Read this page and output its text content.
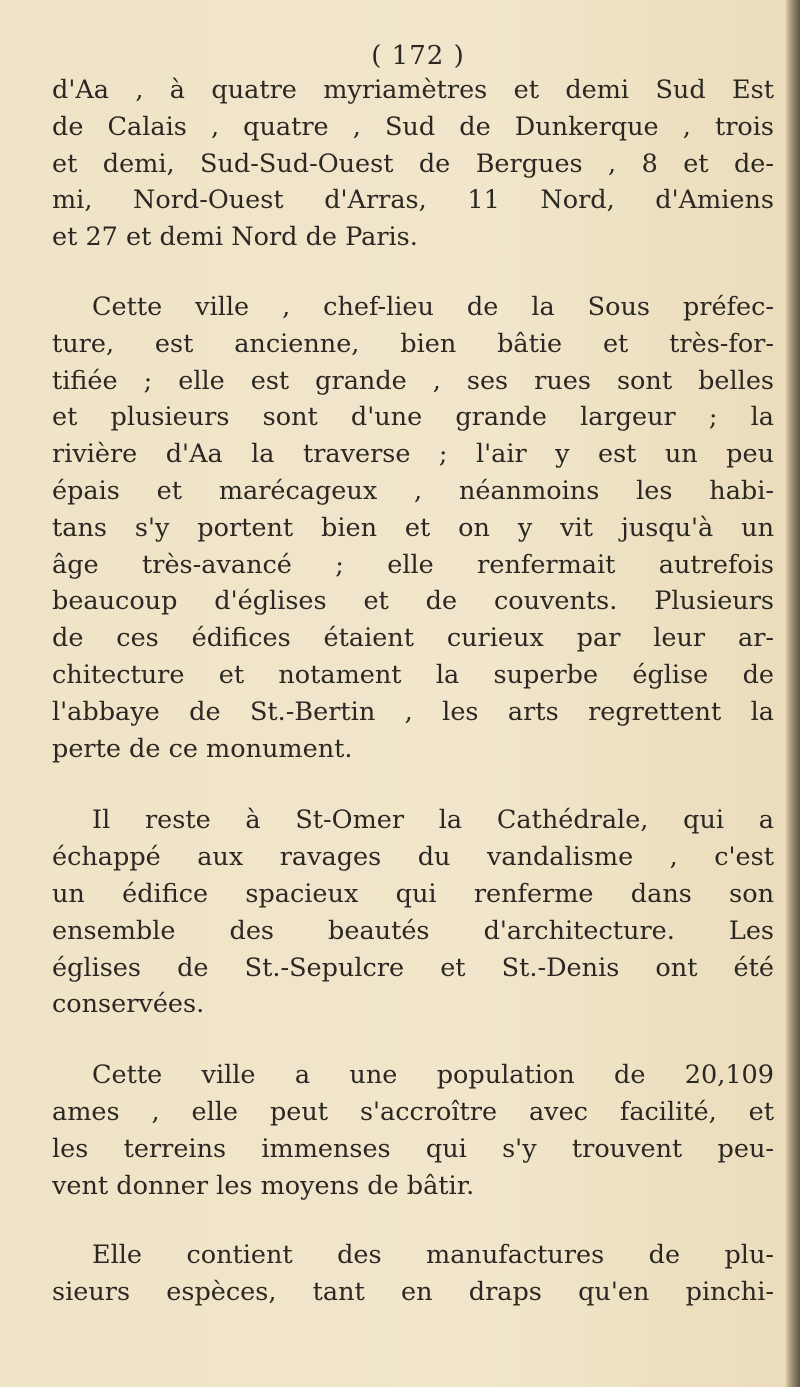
( 172 )
d'Aa , à quatre myriamètres et demi Sud Est
de Calais , quatre , Sud de Dunkerque , trois
et demi, Sud-Sud-Ouest de Bergues , 8 et de-
mi, Nord-Ouest d'Arras, 11 Nord, d'Amiens
et 27 et demi Nord de Paris.
Cette ville , chef-lieu de la Sous préfec-
ture, est ancienne, bien bâtie et très-for-
tifiée ; elle est grande , ses rues sont belles
et plusieurs sont d'une grande largeur ; la
rivière d'Aa la traverse ; l'air y est un peu
épais et marécageux , néanmoins les habi-
tans s'y portent bien et on y vit jusqu'à un
âge très-avancé ; elle renfermait autrefois
beaucoup d'églises et de couvents. Plusieurs
de ces édifices étaient curieux par leur ar-
chitecture et notament la superbe église de
l'abbaye de St.-Bertin , les arts regrettent la
perte de ce monument.
Il reste à St-Omer la Cathédrale, qui a
échappé aux ravages du vandalisme , c'est
un édifice spacieux qui renferme dans son
ensemble des beautés d'architecture. Les
églises de St.-Sepulcre et St.-Denis ont été
conservées.
Cette ville a une population de 20,109
ames , elle peut s'accroître avec facilité, et
les terreins immenses qui s'y trouvent peu-
vent donner les moyens de bâtir.
Elle contient des manufactures de plu-
sieurs espèces, tant en draps qu'en pinchi-
